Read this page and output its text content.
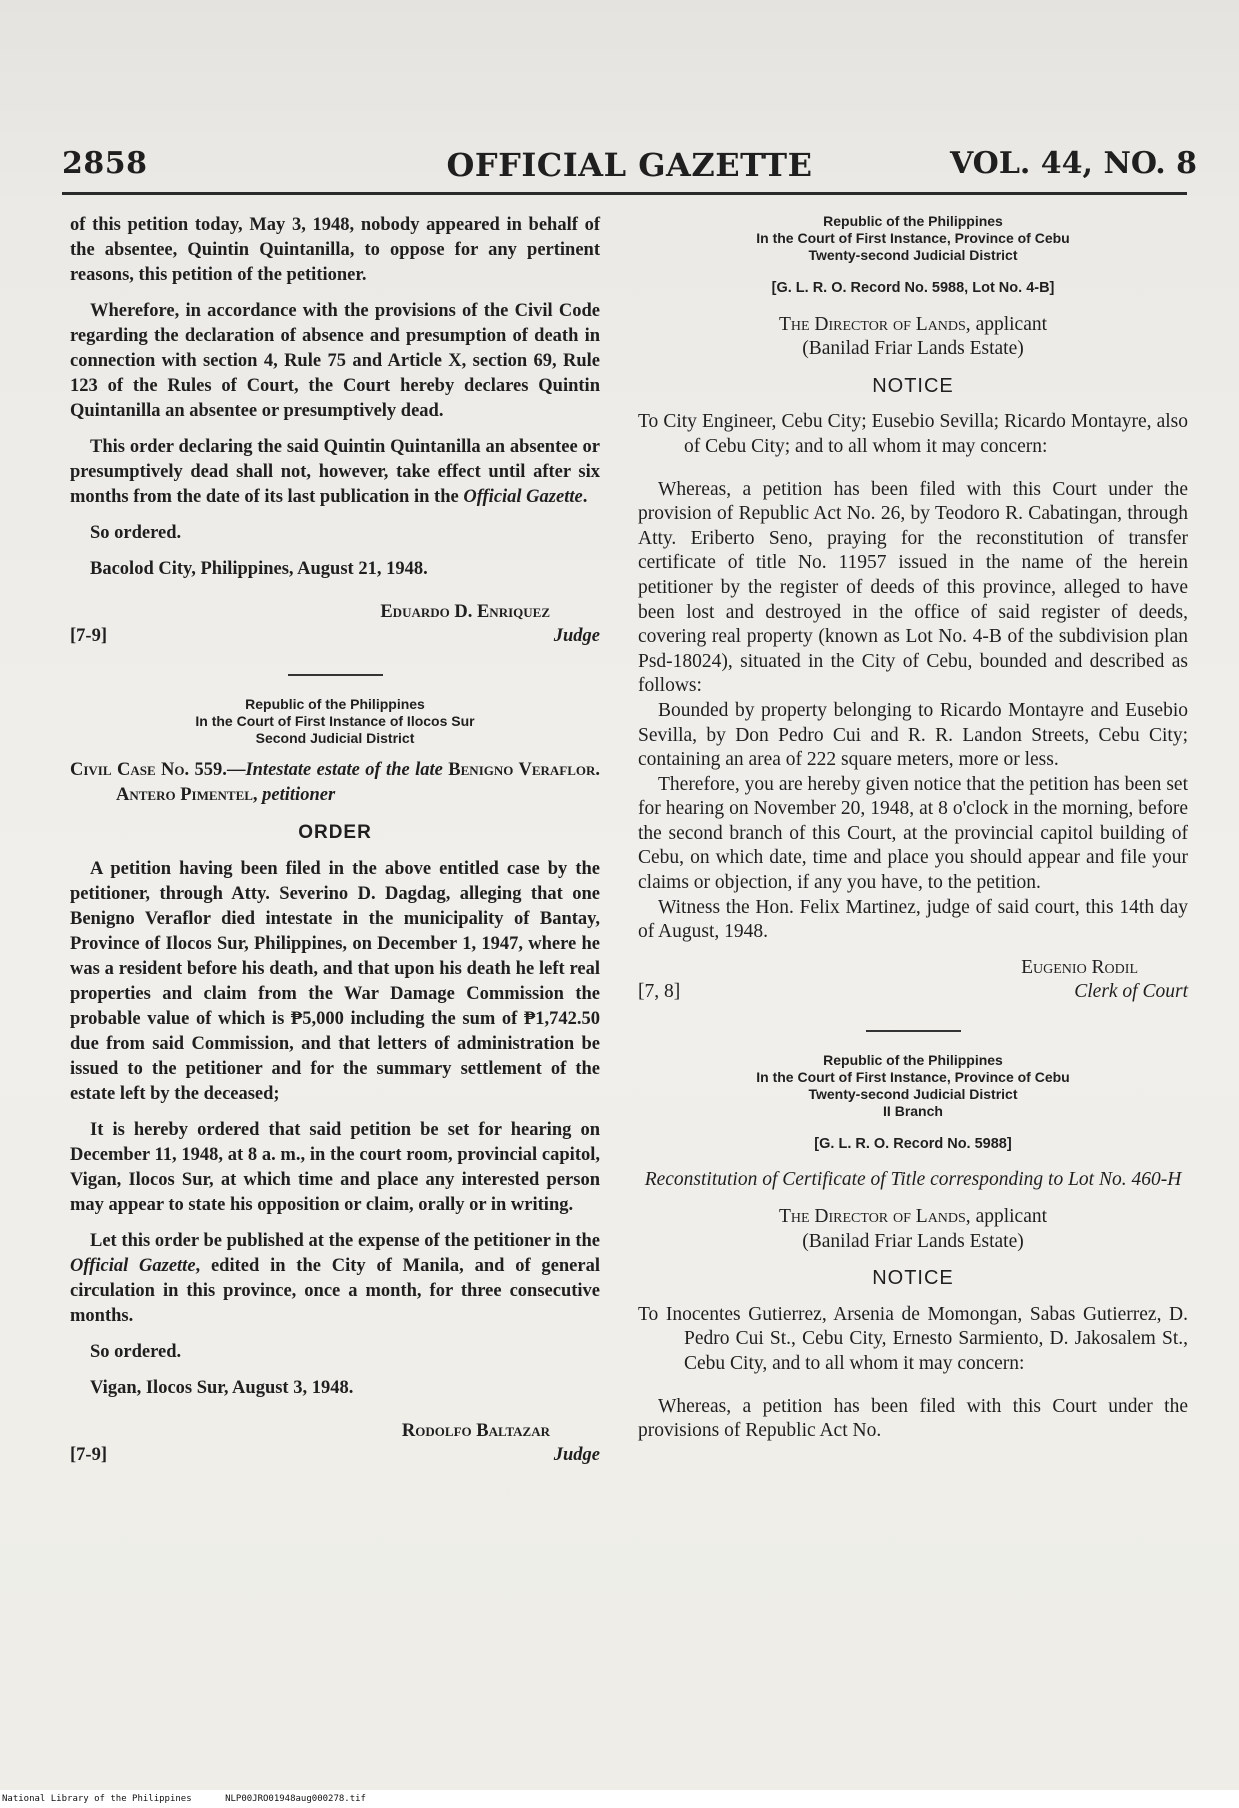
2858	OFFICIAL GAZETTE	VOL. 44, NO. 8

of this petition today, May 3, 1948, nobody appeared in behalf of the absentee, Quintin Quintanilla, to oppose for any pertinent reasons, this petition of the petitioner.

Wherefore, in accordance with the provisions of the Civil Code regarding the declaration of absence and presumption of death in connection with section 4, Rule 75 and Article X, section 69, Rule 123 of the Rules of Court, the Court hereby declares Quintin Quintanilla an absentee or presumptively dead.

This order declaring the said Quintin Quintanilla an absentee or presumptively dead shall not, however, take effect until after six months from the date of its last publication in the Official Gazette.

So ordered.

Bacolod City, Philippines, August 21, 1948.

[7-9]
Eduardo D. Enriquez
Judge
Republic of the Philippines
In the Court of First Instance of Ilocos Sur
Second Judicial District

Civil Case No. 559.—Intestate estate of the late Benigno Veraflor. Antero Pimentel, petitioner

ORDER

A petition having been filed in the above entitled case by the petitioner, through Atty. Severino D. Dagdag, alleging that one Benigno Veraflor died intestate in the municipality of Bantay, Province of Ilocos Sur, Philippines, on December 1, 1947, where he was a resident before his death, and that upon his death he left real properties and claim from the War Damage Commission the probable value of which is ₱5,000 including the sum of ₱1,742.50 due from said Commission, and that letters of administration be issued to the petitioner and for the summary settlement of the estate left by the deceased;

It is hereby ordered that said petition be set for hearing on December 11, 1948, at 8 a. m., in the court room, provincial capitol, Vigan, Ilocos Sur, at which time and place any interested person may appear to state his opposition or claim, orally or in writing.

Let this order be published at the expense of the petitioner in the Official Gazette, edited in the City of Manila, and of general circulation in this province, once a month, for three consecutive months.

So ordered.

Vigan, Ilocos Sur, August 3, 1948.

[7-9]
Rodolfo Baltazar
Judge
Republic of the Philippines
In the Court of First Instance, Province of Cebu
Twenty-second Judicial District
[G. L. R. O. Record No. 5988, Lot No. 4-B]
The Director of Lands, applicant
(Banilad Friar Lands Estate)
NOTICE

To City Engineer, Cebu City; Eusebio Sevilla; Ricardo Montayre, also of Cebu City; and to all whom it may concern:

Whereas, a petition has been filed with this Court under the provision of Republic Act No. 26, by Teodoro R. Cabatingan, through Atty. Eriberto Seno, praying for the reconstitution of transfer certificate of title No. 11957 issued in the name of the herein petitioner by the register of deeds of this province, alleged to have been lost and destroyed in the office of said register of deeds, covering real property (known as Lot No. 4-B of the subdivision plan Psd-18024), situated in the City of Cebu, bounded and described as follows:

Bounded by property belonging to Ricardo Montayre and Eusebio Sevilla, by Don Pedro Cui and R. R. Landon Streets, Cebu City; containing an area of 222 square meters, more or less.

Therefore, you are hereby given notice that the petition has been set for hearing on November 20, 1948, at 8 o'clock in the morning, before the second branch of this Court, at the provincial capitol building of Cebu, on which date, time and place you should appear and file your claims or objection, if any you have, to the petition.

Witness the Hon. Felix Martinez, judge of said court, this 14th day of August, 1948.

[7, 8]
Eugenio Rodil
Clerk of Court
Republic of the Philippines
In the Court of First Instance, Province of Cebu
Twenty-second Judicial District
II Branch
[G. L. R. O. Record No. 5988]
Reconstitution of Certificate of Title corresponding to Lot No. 460-H
The Director of Lands, applicant
(Banilad Friar Lands Estate)
NOTICE

To Inocentes Gutierrez, Arsenia de Momongan, Sabas Gutierrez, D. Pedro Cui St., Cebu City, Ernesto Sarmiento, D. Jakosalem St., Cebu City, and to all whom it may concern:

Whereas, a petition has been filed with this Court under the provisions of Republic Act No.

National Library of the Philippines	NLP00JRO01948aug000278.tif
